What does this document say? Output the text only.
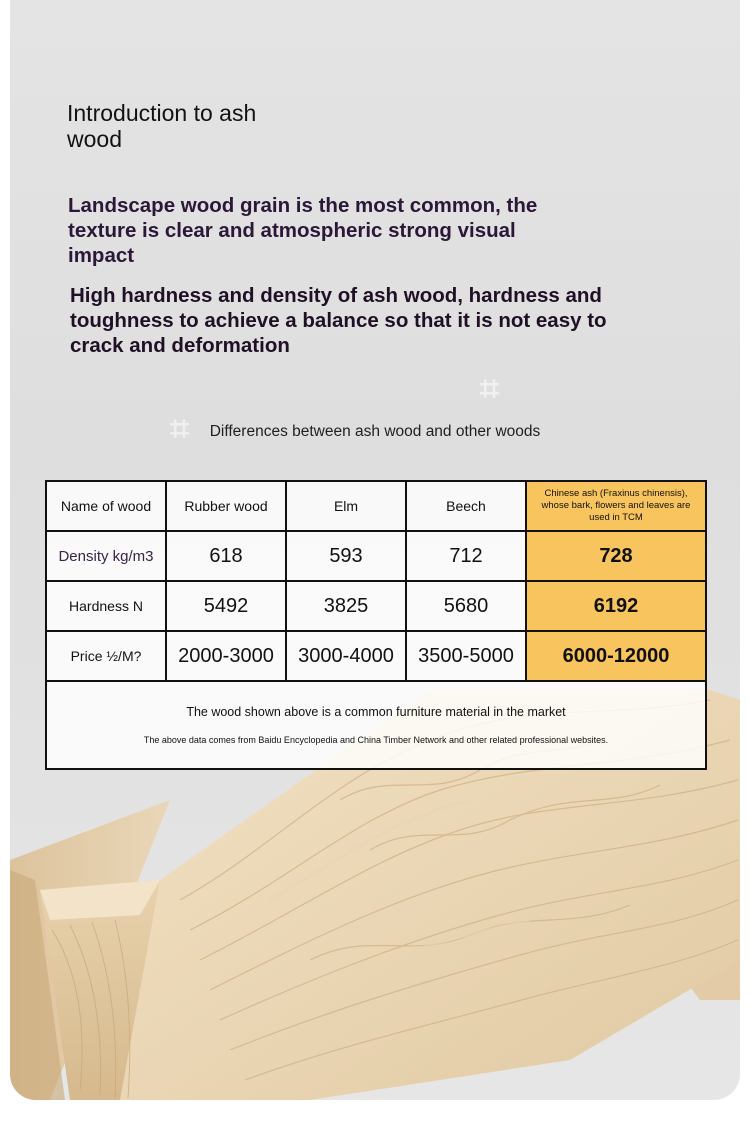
⌗
⌗
Introduction to ash wood
Landscape wood grain is the most common, the texture is clear and atmospheric strong visual impact
High hardness and density of ash wood, hardness and toughness to achieve a balance so that it is not easy to crack and deformation
Differences between ash wood and other woods
Name of wood	Rubber wood	Elm	Beech	Chinese ash (Fraxinus chinensis), whose bark, flowers and leaves are used in TCM
Density kg/m3	618	593	712	728
Hardness N	5492	3825	5680	6192
Price ½/M?	2000-3000	3000-4000	3500-5000	6000-12000

The wood shown above is a common furniture material in the market
The above data comes from Baidu Encyclopedia and China Timber Network and other related professional websites.				
